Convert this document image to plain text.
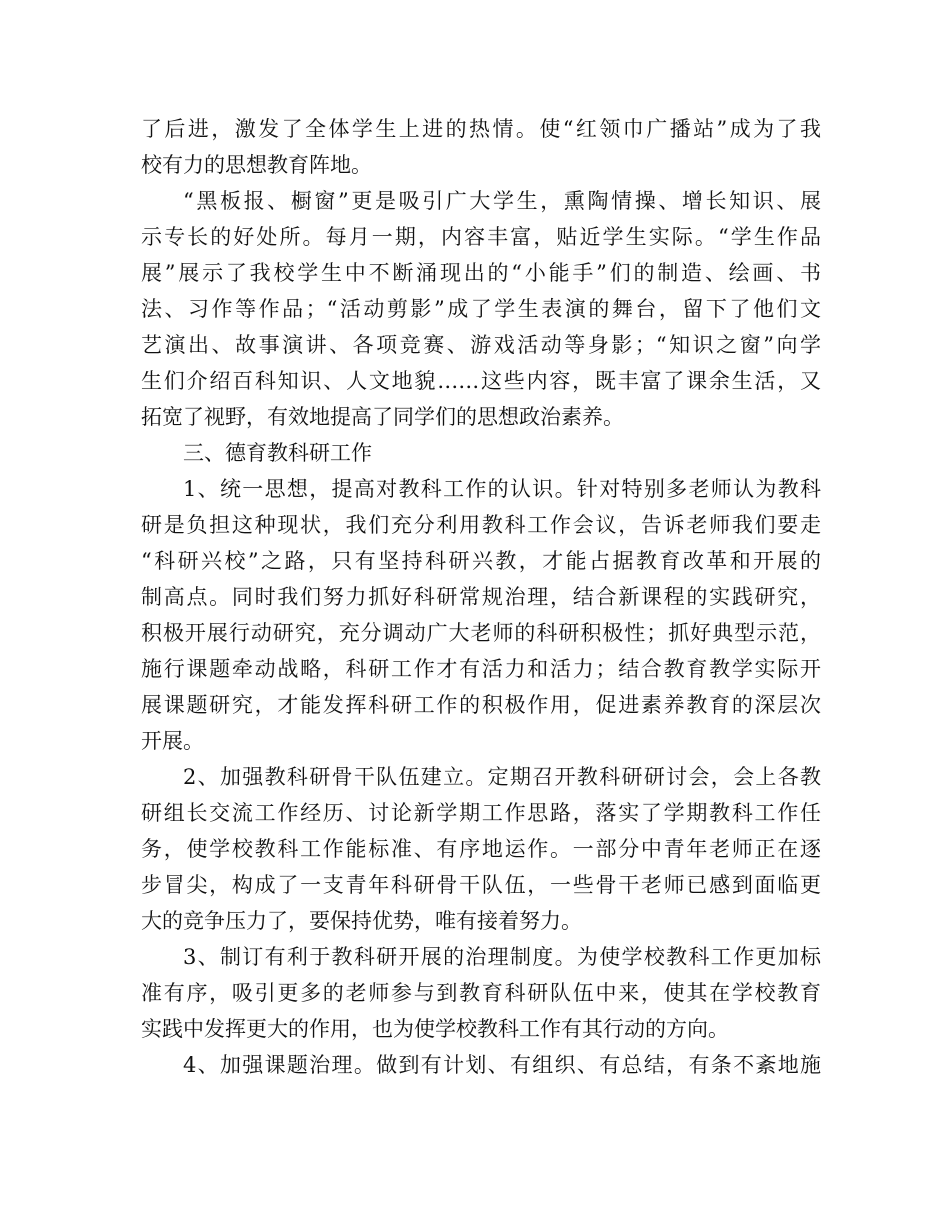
了后进，激发了全体学生上进的热情。使“红领巾广播站”成为了我
校有力的思想教育阵地。
“黑板报、橱窗”更是吸引广大学生，熏陶情操、增长知识、展
示专长的好处所。每月一期，内容丰富，贴近学生实际。“学生作品
展”展示了我校学生中不断涌现出的“小能手”们的制造、绘画、书
法、习作等作品；“活动剪影”成了学生表演的舞台，留下了他们文
艺演出、故事演讲、各项竞赛、游戏活动等身影；“知识之窗”向学
生们介绍百科知识、人文地貌……这些内容，既丰富了课余生活，又
拓宽了视野，有效地提高了同学们的思想政治素养。
三、德育教科研工作
1、统一思想，提高对教科工作的认识。针对特别多老师认为教科
研是负担这种现状，我们充分利用教科工作会议，告诉老师我们要走
“科研兴校”之路，只有坚持科研兴教，才能占据教育改革和开展的
制高点。同时我们努力抓好科研常规治理，结合新课程的实践研究，
积极开展行动研究，充分调动广大老师的科研积极性；抓好典型示范，
施行课题牵动战略，科研工作才有活力和活力；结合教育教学实际开
展课题研究，才能发挥科研工作的积极作用，促进素养教育的深层次
开展。
2、加强教科研骨干队伍建立。定期召开教科研研讨会，会上各教
研组长交流工作经历、讨论新学期工作思路，落实了学期教科工作任
务，使学校教科工作能标准、有序地运作。一部分中青年老师正在逐
步冒尖，构成了一支青年科研骨干队伍，一些骨干老师已感到面临更
大的竞争压力了，要保持优势，唯有接着努力。
3、制订有利于教科研开展的治理制度。为使学校教科工作更加标
准有序，吸引更多的老师参与到教育科研队伍中来，使其在学校教育
实践中发挥更大的作用，也为使学校教科工作有其行动的方向。
4、加强课题治理。做到有计划、有组织、有总结，有条不紊地施
